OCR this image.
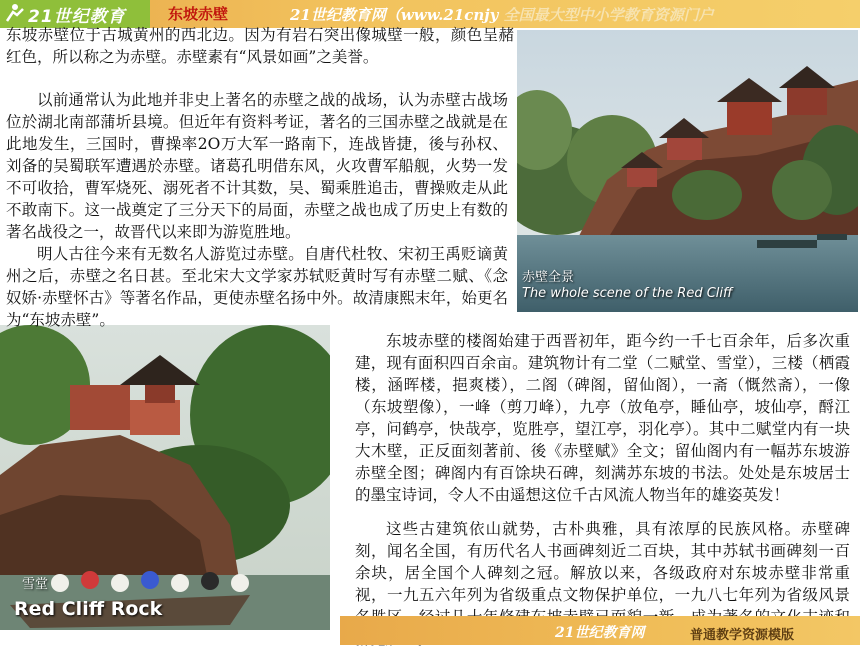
21世纪教育	东坡赤壁	21世纪教育网（www.21cnjy 全国最大型中小学教育资源门户
赤壁全景
The whole scene of the Red Cliff
雪堂
Red Cliff Rock
东坡赤壁位于古城黄州的西北边。因为有岩石突出像城壁一般，颜色呈赭红色，所以称之为赤壁。赤壁素有“风景如画”之美誉。
以前通常认为此地并非史上著名的赤壁之战的战场，认为赤壁古战场位於湖北南部蒲圻县境。但近年有资料考证，著名的三国赤壁之战就是在此地发生，三国时，曹操率2O万大军一路南下，连战皆捷，後与孙权、刘备的吴蜀联军遭遇於赤壁。诸葛孔明借东风，火攻曹军船舰，火势一发不可收拾，曹军烧死、溺死者不计其数，吴、蜀乘胜追击，曹操败走从此不敢南下。这一战奠定了三分天下的局面，赤壁之战也成了历史上有数的著名战役之一，故晋代以来即为游览胜地。
明人古往今来有无数名人游览过赤壁。自唐代杜牧、宋初王禹贬谪黄州之后，赤壁之名日甚。至北宋大文学家苏轼贬黄时写有赤壁二赋、《念奴娇·赤壁怀古》等著名作品，更使赤壁名扬中外。故清康熙末年，始更名为“东坡赤壁”。
东坡赤壁的楼阁始建于西晋初年，距今约一千七百余年，后多次重建，现有面积四百余亩。建筑物计有二堂（二赋堂、雪堂），三楼（栖霞楼，涵晖楼，挹爽楼），二阁（碑阁，留仙阁），一斋（慨然斋），一像（东坡塑像），一峰（剪刀峰），九亭（放龟亭，睡仙亭，坡仙亭，酹江亭，问鹤亭，快哉亭，览胜亭，望江亭，羽化亭）。其中二赋堂内有一块大木壁，正反面刻著前、後《赤壁赋》全文；留仙阁内有一幅苏东坡游赤壁全图；碑阁内有百馀块石碑，刻满苏东坡的书法。处处是东坡居士的墨宝诗词，令人不由遥想这位千古风流人物当年的雄姿英发！
这些古建筑依山就势，古朴典雅，具有浓厚的民族风格。赤壁碑刻，闻名全国，有历代名人书画碑刻近二百块，其中苏轼书画碑刻一百余块，居全国个人碑刻之冠。解放以来，各级政府对东坡赤壁非常重视，一九五六年列为省级重点文物保护单位，一九八七年列为省级风景
21世纪教育网	普通教学资源模版
